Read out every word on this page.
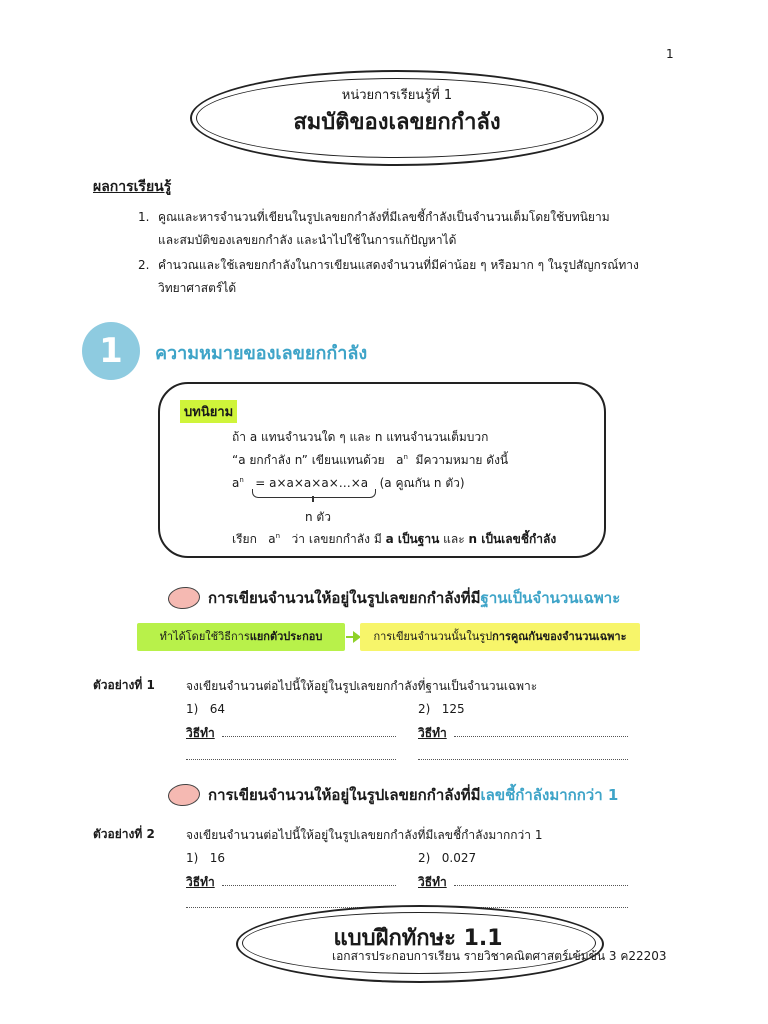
1
หน่วยการเรียนรู้ที่ 1
สมบัติของเลขยกกำลัง
ผลการเรียนรู้
1. คูณและหารจำนวนที่เขียนในรูปเลขยกกำลังที่มีเลขชี้กำลังเป็นจำนวนเต็มโดยใช้บทนิยาม
และสมบัติของเลขยกกำลัง และนำไปใช้ในการแก้ปัญหาได้
2. คำนวณและใช้เลขยกกำลังในการเขียนแสดงจำนวนที่มีค่าน้อย ๆ หรือมาก ๆ ในรูปสัญกรณ์ทาง
วิทยาศาสตร์ได้
1	ความหมายของเลขยกกำลัง
บทนิยาม
ถ้า a แทนจำนวนใด ๆ และ n แทนจำนวนเต็มบวก
“a ยกกำลัง n” เขียนแทนด้วย $a^n$ มีความหมาย ดังนี้
$a^n$ = a×a×a×a×…×a (a คูณกัน n ตัว)
n ตัว
เรียก $a^n$ ว่า เลขยกกำลัง มี a เป็นฐาน และ n เป็นเลขชี้กำลัง
การเขียนจำนวนให้อยู่ในรูปเลขยกกำลังที่มีฐานเป็นจำนวนเฉพาะ
ทำได้โดยใช้วิธีการแยกตัวประกอบ	การเขียนจำนวนนั้นในรูปการคูณกันของจำนวนเฉพาะ
ตัวอย่างที่ 1	จงเขียนจำนวนต่อไปนี้ให้อยู่ในรูปเลขยกกำลังที่ฐานเป็นจำนวนเฉพาะ
1) 64	2) 125
วิธีทำ	วิธีทำ
การเขียนจำนวนให้อยู่ในรูปเลขยกกำลังที่มีเลขชี้กำลังมากกว่า 1
ตัวอย่างที่ 2	จงเขียนจำนวนต่อไปนี้ให้อยู่ในรูปเลขยกกำลังที่มีเลขชี้กำลังมากกว่า 1
1) 16	2) 0.027
วิธีทำ	วิธีทำ
แบบฝึกทักษะ 1.1
เอกสารประกอบการเรียน รายวิชาคณิตศาสตร์เข้มข้น 3 ค22203
